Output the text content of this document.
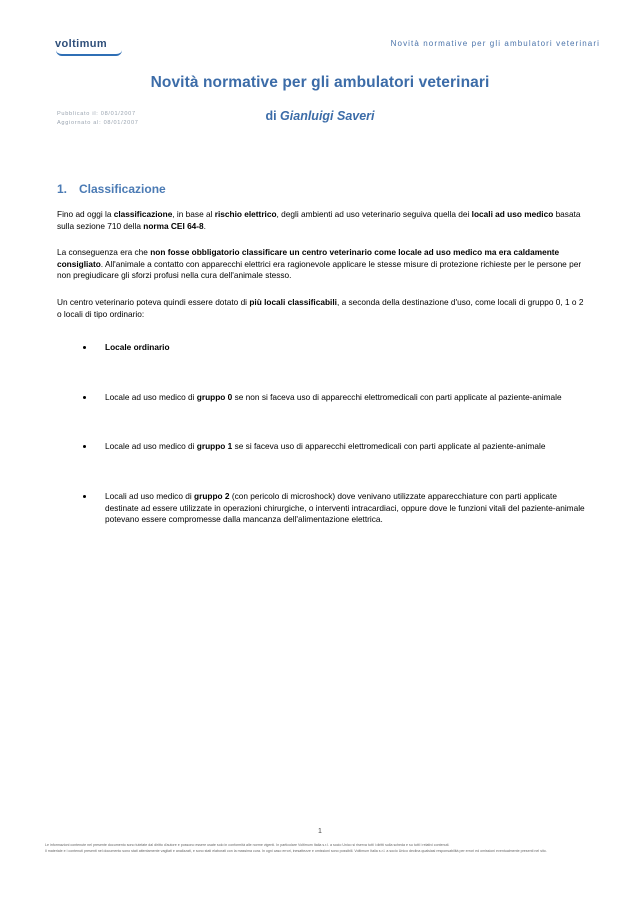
voltimum	Novità normative per gli ambulatori veterinari
Novità normative per gli ambulatori veterinari
di Gianluigi Saveri
Pubblicato il: 08/01/2007
Aggiornato al: 08/01/2007
1. Classificazione

Fino ad oggi la classificazione, in base al rischio elettrico, degli ambienti ad uso veterinario seguiva quella dei locali ad uso medico basata sulla sezione 710 della norma CEI 64-8.

La conseguenza era che non fosse obbligatorio classificare un centro veterinario come locale ad uso medico ma era caldamente consigliato. All'animale a contatto con apparecchi elettrici era ragionevole applicare le stesse misure di protezione richieste per le persone per non pregiudicare gli sforzi profusi nella cura dell'animale stesso.

Un centro veterinario poteva quindi essere dotato di più locali classificabili, a seconda della destinazione d'uso, come locali di gruppo 0, 1 o 2 o locali di tipo ordinario:

Locale ordinario
Locale ad uso medico di gruppo 0 se non si faceva uso di apparecchi elettromedicali con parti applicate al paziente-animale
Locale ad uso medico di gruppo 1 se si faceva uso di apparecchi elettromedicali con parti applicate al paziente-animale
Locali ad uso medico di gruppo 2 (con pericolo di microshock) dove venivano utilizzate apparecchiature con parti applicate destinate ad essere utilizzate in operazioni chirurgiche, o interventi intracardiaci, oppure dove le funzioni vitali del paziente-animale potevano essere compromesse dalla mancanza dell'alimentazione elettrica.
1

Le informazioni contenute nel presente documento sono tutelate dal diritto d'autore e possono essere usate solo in conformità alle norme vigenti. In particolare Voltimum Italia s.r.l. a socio Unico si riserva tutti i diritti sulla scheda e su tutti i relativi contenuti.

Il materiale e i contenuti presenti nel documento sono stati attentamente vagliati e analizzati, e sono stati elaborati con la massima cura. In ogni caso errori, inesattezze e omissioni sono possibili. Voltimum Italia s.r.l. a socio Unico declina qualsiasi responsabilità per errori ed omissioni eventualmente presenti nel sito.
